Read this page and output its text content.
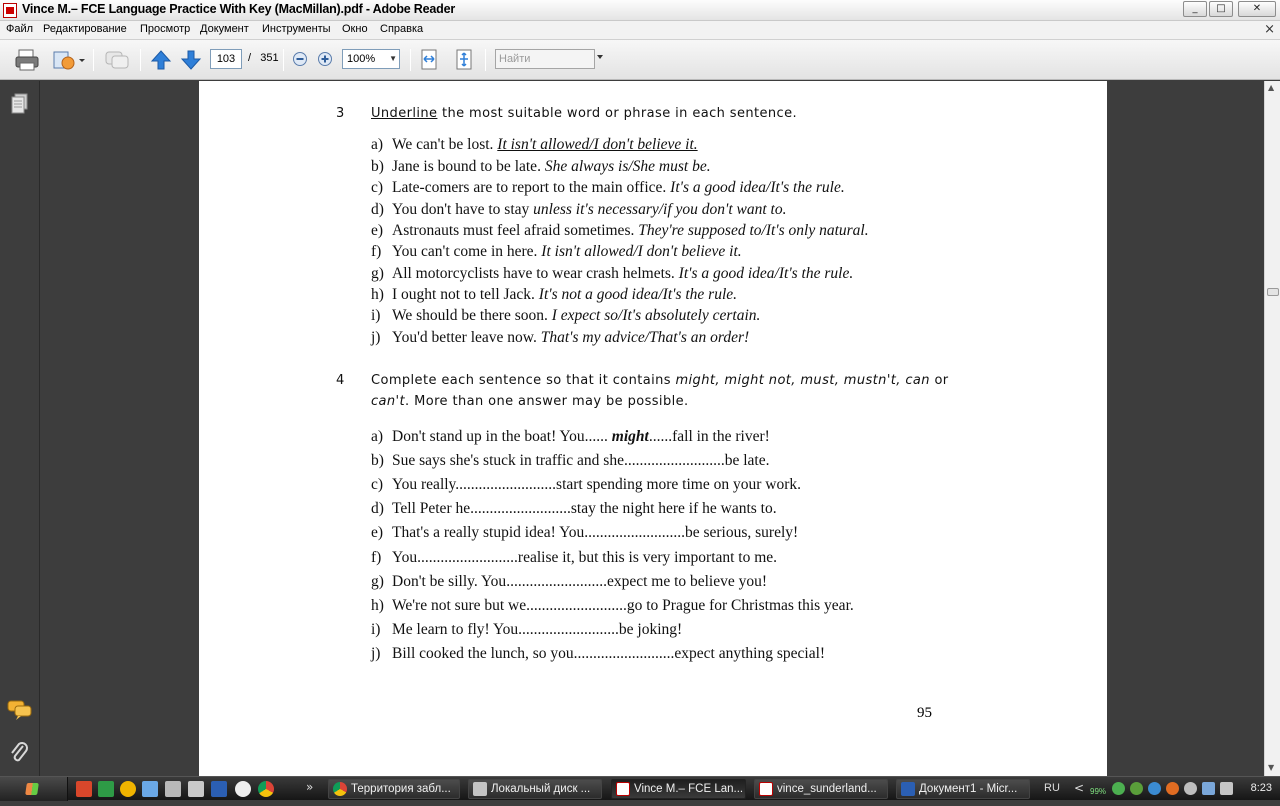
Vince M.– FCE Language Practice With Key (MacMillan).pdf - Adobe Reader	_	□	✕
Файл Редактирование Просмотр Документ Инструменты Окно Справка	×
103	/ 351	100% ▼	Найти
3 Underline the most suitable word or phrase in each sentence.
a) We can't be lost. It isn't allowed/I don't believe it.
b) Jane is bound to be late. She always is/She must be.
c) Late-comers are to report to the main office. It's a good idea/It's the rule.
d) You don't have to stay unless it's necessary/if you don't want to.
e) Astronauts must feel afraid sometimes. They're supposed to/It's only natural.
f) You can't come in here. It isn't allowed/I don't believe it.
g) All motorcyclists have to wear crash helmets. It's a good idea/It's the rule.
h) I ought not to tell Jack. It's not a good idea/It's the rule.
i) We should be there soon. I expect so/It's absolutely certain.
j) You'd better leave now. That's my advice/That's an order!
4 Complete each sentence so that it contains might, might not, must, mustn't, can or
can't. More than one answer may be possible.
a) Don't stand up in the boat! You...... might......fall in the river!
b) Sue says she's stuck in traffic and she..........................be late.
c) You really..........................start spending more time on your work.
d) Tell Peter he..........................stay the night here if he wants to.
e) That's a really stupid idea! You..........................be serious, surely!
f) You..........................realise it, but this is very important to me.
g) Don't be silly. You..........................expect me to believe you!
h) We're not sure but we..........................go to Prague for Christmas this year.
i) Me learn to fly! You..........................be joking!
j) Bill cooked the lunch, so you..........................expect anything special!
95
▲
▼
»	Территория забл...	Локальный диск ...	Vince M.– FCE Lan...	vince_sunderland...	Документ1 - Micr...	RU < 99%	8:23
